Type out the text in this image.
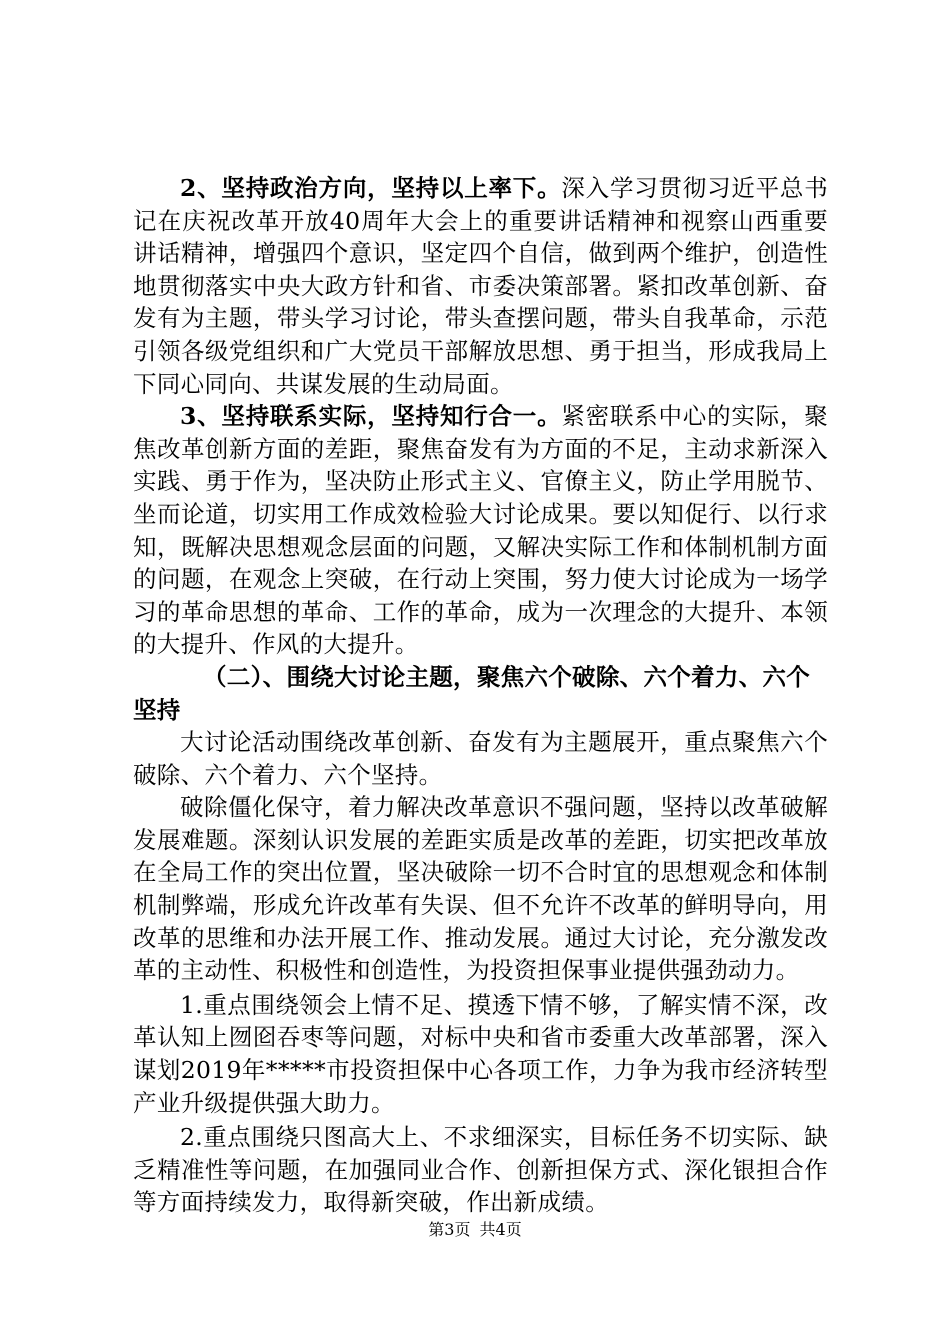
2、坚持政治方向，坚持以上率下。深入学习贯彻习近平总书记在庆祝改革开放40周年大会上的重要讲话精神和视察山西重要讲话精神，增强四个意识，坚定四个自信，做到两个维护，创造性地贯彻落实中央大政方针和省、市委决策部署。紧扣改革创新、奋发有为主题，带头学习讨论，带头查摆问题，带头自我革命，示范引领各级党组织和广大党员干部解放思想、勇于担当，形成我局上下同心同向、共谋发展的生动局面。

3、坚持联系实际，坚持知行合一。紧密联系中心的实际，聚焦改革创新方面的差距，聚焦奋发有为方面的不足，主动求新深入实践、勇于作为，坚决防止形式主义、官僚主义，防止学用脱节、坐而论道，切实用工作成效检验大讨论成果。要以知促行、以行求知，既解决思想观念层面的问题，又解决实际工作和体制机制方面的问题，在观念上突破，在行动上突围，努力使大讨论成为一场学习的革命思想的革命、工作的革命，成为一次理念的大提升、本领的大提升、作风的大提升。

（二）、围绕大讨论主题，聚焦六个破除、六个着力、六个坚持

大讨论活动围绕改革创新、奋发有为主题展开，重点聚焦六个破除、六个着力、六个坚持。

破除僵化保守，着力解决改革意识不强问题，坚持以改革破解发展难题。深刻认识发展的差距实质是改革的差距，切实把改革放在全局工作的突出位置，坚决破除一切不合时宜的思想观念和体制机制弊端，形成允许改革有失误、但不允许不改革的鲜明导向，用改革的思维和办法开展工作、推动发展。通过大讨论，充分激发改革的主动性、积极性和创造性，为投资担保事业提供强劲动力。

1.重点围绕领会上情不足、摸透下情不够，了解实情不深，改革认知上囫囵吞枣等问题，对标中央和省市委重大改革部署，深入谋划2019年*****市投资担保中心各项工作，力争为我市经济转型产业升级提供强大助力。

2.重点围绕只图高大上、不求细深实，目标任务不切实际、缺乏精准性等问题，在加强同业合作、创新担保方式、深化银担合作等方面持续发力，取得新突破，作出新成绩。

第3页 共4页
